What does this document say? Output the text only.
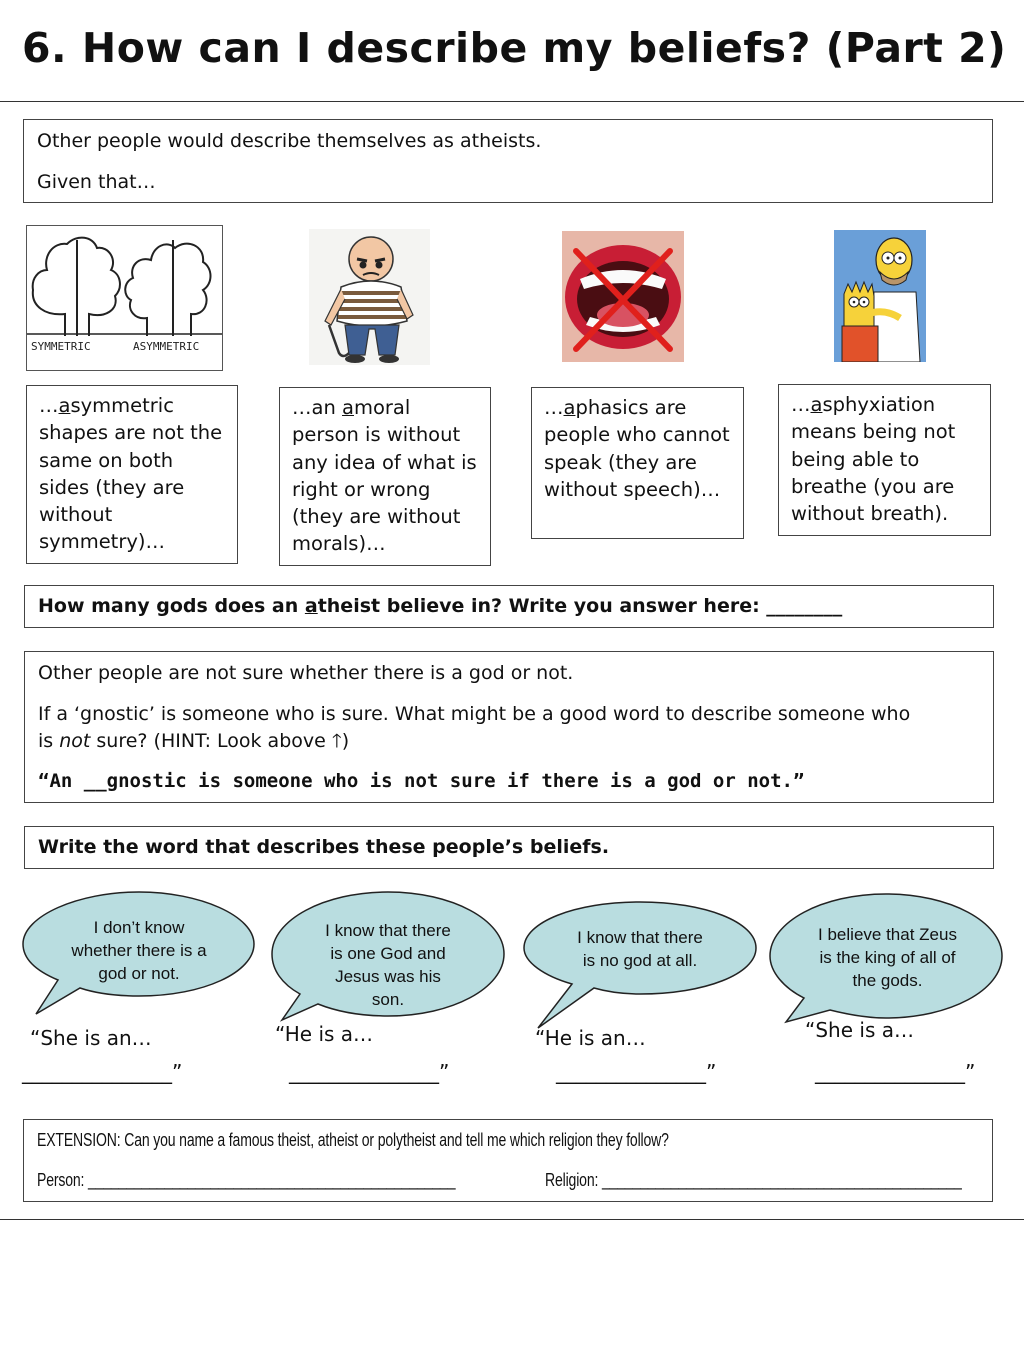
6. How can I describe my beliefs? (Part 2)
Other people would describe themselves as atheists.
Given that…
SYMMETRIC	ASYMMETRIC
…asymmetric shapes are not the same on both sides (they are without symmetry)…
…an amoral person is without any idea of what is right or wrong (they are without morals)…
…aphasics are people who cannot speak (they are without speech)…
…asphyxiation means being not being able to breathe (you are without breath).
How many gods does an atheist believe in? Write you answer here: ________
Other people are not sure whether there is a god or not.
If a ‘gnostic’ is someone who is sure. What might be a good word to describe someone who
is not sure? (HINT: Look above 🡑)
“An __gnostic is someone who is not sure if there is a god or not.”
Write the word that describes these people’s beliefs.
I don’t know whether there is a god or not.
I know that there is one God and Jesus was his son.
I know that there is no god at all.
I believe that Zeus is the king of all of the gods.
“She is an…	“He is a…	“He is an…	“She is a…
_______________”	_______________”	_______________”	_______________”
EXTENSION: Can you name a famous theist, atheist or polytheist and tell me which religion they follow?
Person: ________________________________________________	Religion: _______________________________________________
